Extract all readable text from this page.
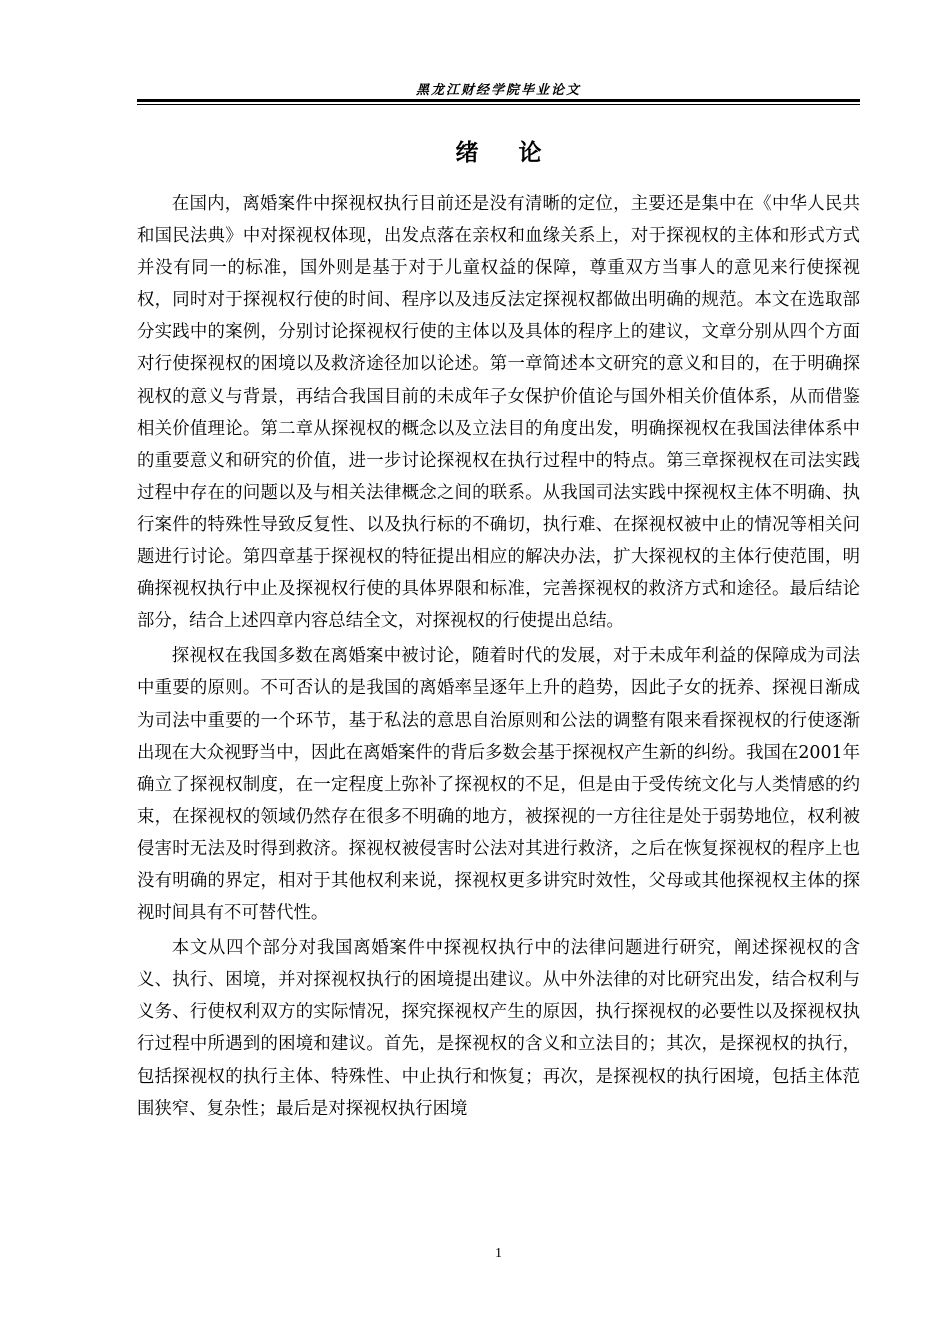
黑龙江财经学院毕业论文
绪论

在国内，离婚案件中探视权执行目前还是没有清晰的定位，主要还是集中在《中华人民共和国民法典》中对探视权体现，出发点落在亲权和血缘关系上，对于探视权的主体和形式方式并没有同一的标准，国外则是基于对于儿童权益的保障，尊重双方当事人的意见来行使探视权，同时对于探视权行使的时间、程序以及违反法定探视权都做出明确的规范。本文在选取部分实践中的案例，分别讨论探视权行使的主体以及具体的程序上的建议，文章分别从四个方面对行使探视权的困境以及救济途径加以论述。第一章简述本文研究的意义和目的，在于明确探视权的意义与背景，再结合我国目前的未成年子女保护价值论与国外相关价值体系，从而借鉴相关价值理论。第二章从探视权的概念以及立法目的角度出发，明确探视权在我国法律体系中的重要意义和研究的价值，进一步讨论探视权在执行过程中的特点。第三章探视权在司法实践过程中存在的问题以及与相关法律概念之间的联系。从我国司法实践中探视权主体不明确、执行案件的特殊性导致反复性、以及执行标的不确切，执行难、在探视权被中止的情况等相关问题进行讨论。第四章基于探视权的特征提出相应的解决办法，扩大探视权的主体行使范围，明确探视权执行中止及探视权行使的具体界限和标准，完善探视权的救济方式和途径。最后结论部分，结合上述四章内容总结全文，对探视权的行使提出总结。

探视权在我国多数在离婚案中被讨论，随着时代的发展，对于未成年利益的保障成为司法中重要的原则。不可否认的是我国的离婚率呈逐年上升的趋势，因此子女的抚养、探视日渐成为司法中重要的一个环节，基于私法的意思自治原则和公法的调整有限来看探视权的行使逐渐出现在大众视野当中，因此在离婚案件的背后多数会基于探视权产生新的纠纷。我国在2001年确立了探视权制度，在一定程度上弥补了探视权的不足，但是由于受传统文化与人类情感的约束，在探视权的领域仍然存在很多不明确的地方，被探视的一方往往是处于弱势地位，权利被侵害时无法及时得到救济。探视权被侵害时公法对其进行救济，之后在恢复探视权的程序上也没有明确的界定，相对于其他权利来说，探视权更多讲究时效性，父母或其他探视权主体的探视时间具有不可替代性。

本文从四个部分对我国离婚案件中探视权执行中的法律问题进行研究，阐述探视权的含义、执行、困境，并对探视权执行的困境提出建议。从中外法律的对比研究出发，结合权利与义务、行使权利双方的实际情况，探究探视权产生的原因，执行探视权的必要性以及探视权执行过程中所遇到的困境和建议。首先，是探视权的含义和立法目的；其次，是探视权的执行，包括探视权的执行主体、特殊性、中止执行和恢复；再次，是探视权的执行困境，包括主体范围狭窄、复杂性；最后是对探视权执行困境

1
